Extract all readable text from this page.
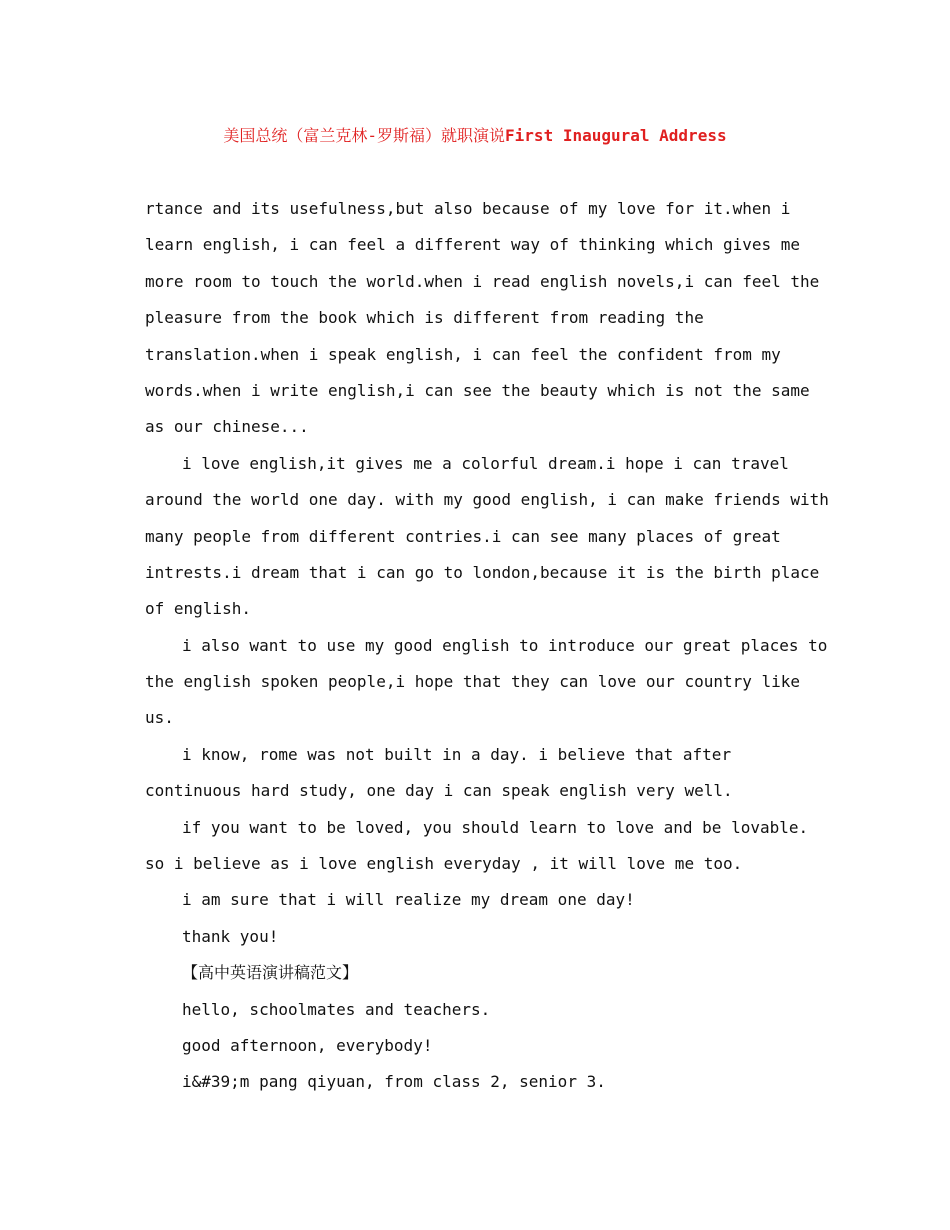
美国总统（富兰克林-罗斯福）就职演说First Inaugural Address
rtance and its usefulness,but also because of my love for it.when i
learn english, i can feel a different way of thinking which gives me
more room to touch the world.when i read english novels,i can feel the
pleasure from the book which is different from reading the
translation.when i speak english, i can feel the confident from my
words.when i write english,i can see the beauty which is not the same
as our chinese...
i love english,it gives me a colorful dream.i hope i can travel
around the world one day. with my good english, i can make friends with
many people from different contries.i can see many places of great
intrests.i dream that i can go to london,because it is the birth place
of english.
i also want to use my good english to introduce our great places to
the english spoken people,i hope that they can love our country like
us.
i know, rome was not built in a day. i believe that after
continuous hard study, one day i can speak english very well.
if you want to be loved, you should learn to love and be lovable.
so i believe as i love english everyday , it will love me too.
i am sure that i will realize my dream one day!
thank you!
【高中英语演讲稿范文】
hello, schoolmates and teachers.
good afternoon, everybody!
i&#39;m pang qiyuan, from class 2, senior 3.
